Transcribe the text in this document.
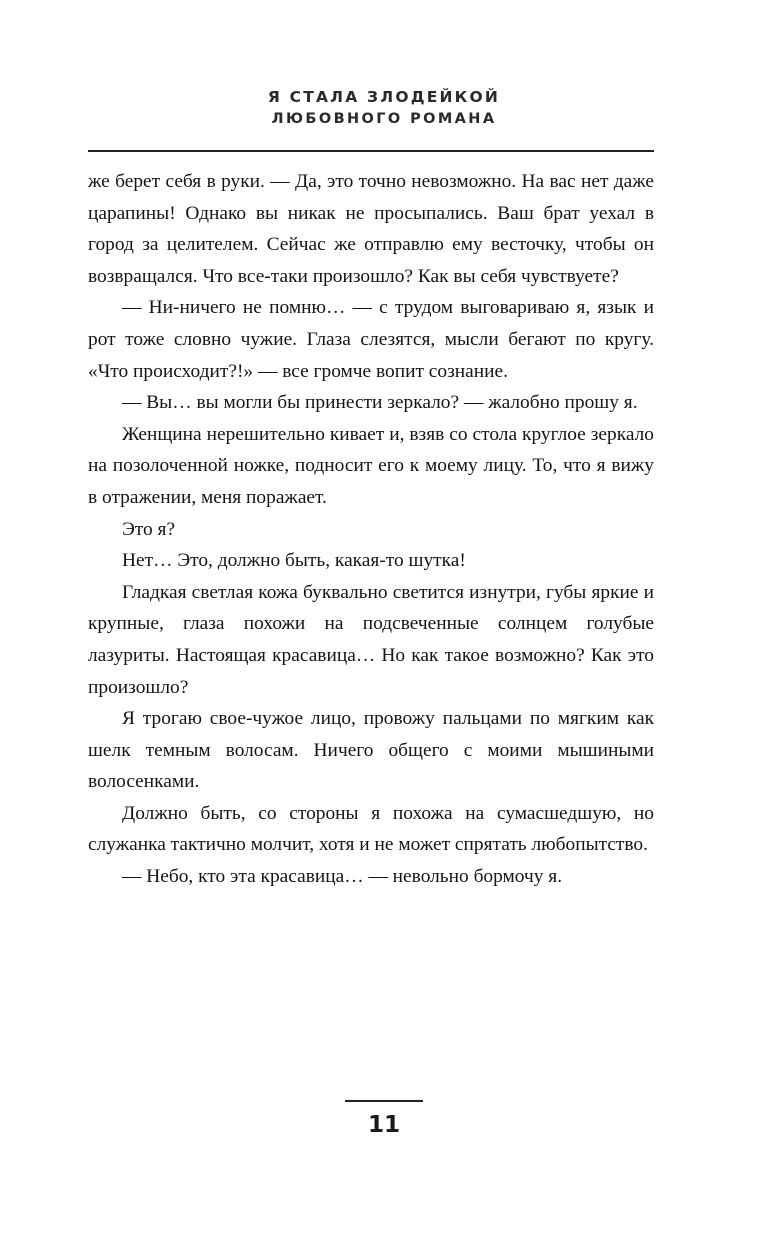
Я СТАЛА ЗЛОДЕЙКОЙ
ЛЮБОВНОГО РОМАНА

же берет себя в руки. — Да, это точно невозможно. На вас нет даже царапины! Однако вы никак не просыпались. Ваш брат уехал в город за целителем. Сейчас же отправлю ему весточку, чтобы он возвращался. Что все-таки произошло? Как вы себя чувствуете?

— Ни-ничего не помню… — с трудом выговариваю я, язык и рот тоже словно чужие. Глаза слезятся, мысли бегают по кругу. «Что происходит?!» — все громче вопит сознание.

— Вы… вы могли бы принести зеркало? — жалобно прошу я.

Женщина нерешительно кивает и, взяв со стола круглое зеркало на позолоченной ножке, подносит его к моему лицу. То, что я вижу в отражении, меня поражает.

Это я?

Нет… Это, должно быть, какая-то шутка!

Гладкая светлая кожа буквально светится изнутри, губы яркие и крупные, глаза похожи на подсвеченные солнцем голубые лазуриты. Настоящая красавица… Но как такое возможно? Как это произошло?

Я трогаю свое-чужое лицо, провожу пальцами по мягким как шелк темным волосам. Ничего общего с моими мышиными волосенками.

Должно быть, со стороны я похожа на сумасшедшую, но служанка тактично молчит, хотя и не может спрятать любопытство.

— Небо, кто эта красавица… — невольно бормочу я.

11
